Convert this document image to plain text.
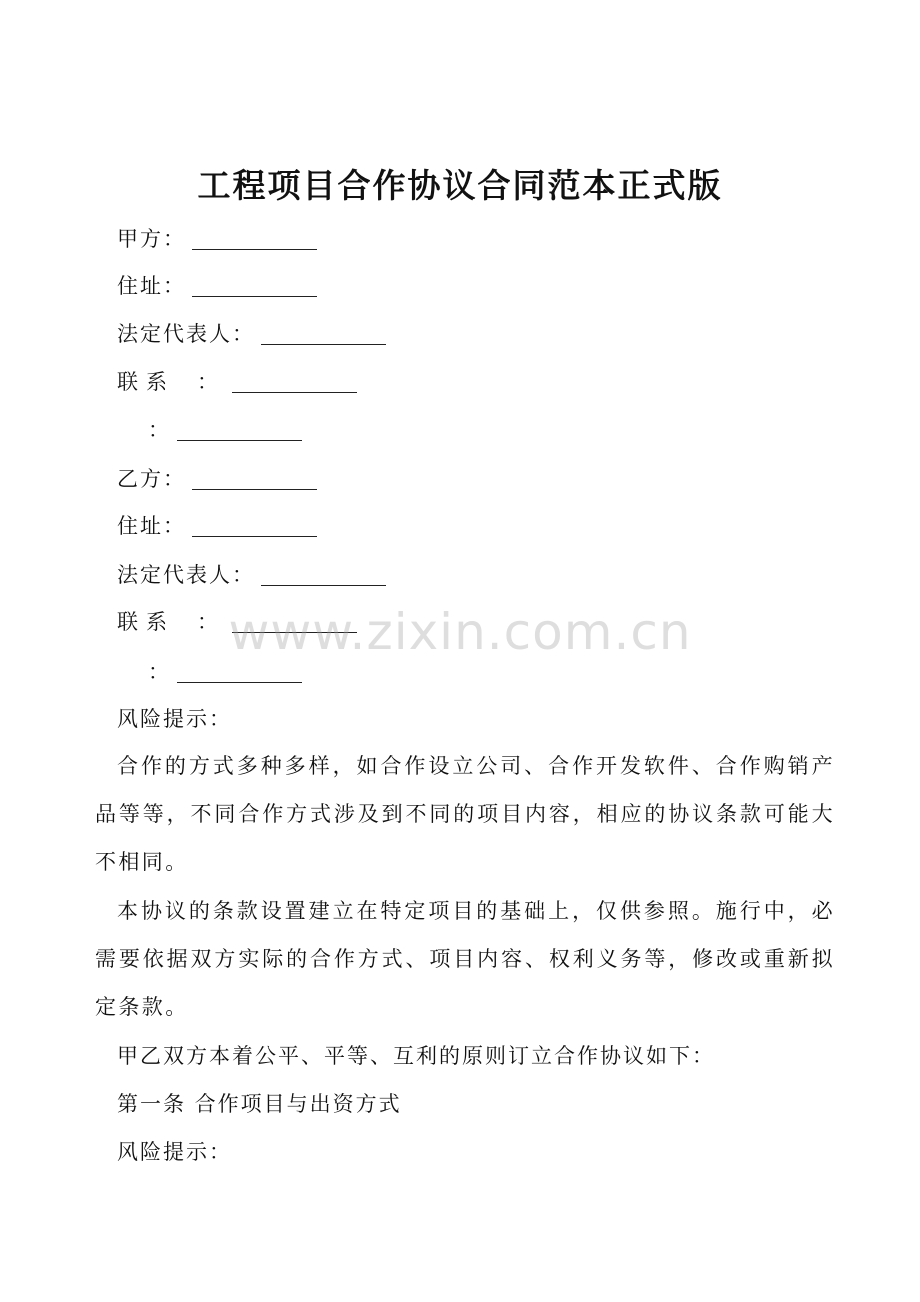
工程项目合作协议合同范本正式版
甲方：
住址：
法定代表人：
联系 ：
：
乙方：
住址：
法定代表人：
联系 ：
：
风险提示：
合作的方式多种多样，如合作设立公司、合作开发软件、合作购销产品等等，不同合作方式涉及到不同的项目内容，相应的协议条款可能大不相同。
本协议的条款设置建立在特定项目的基础上，仅供参照。施行中，必需要依据双方实际的合作方式、项目内容、权利义务等，修改或重新拟定条款。
甲乙双方本着公平、平等、互利的原则订立合作协议如下：
第一条 合作项目与出资方式
风险提示：
www.zixin.com.cn
